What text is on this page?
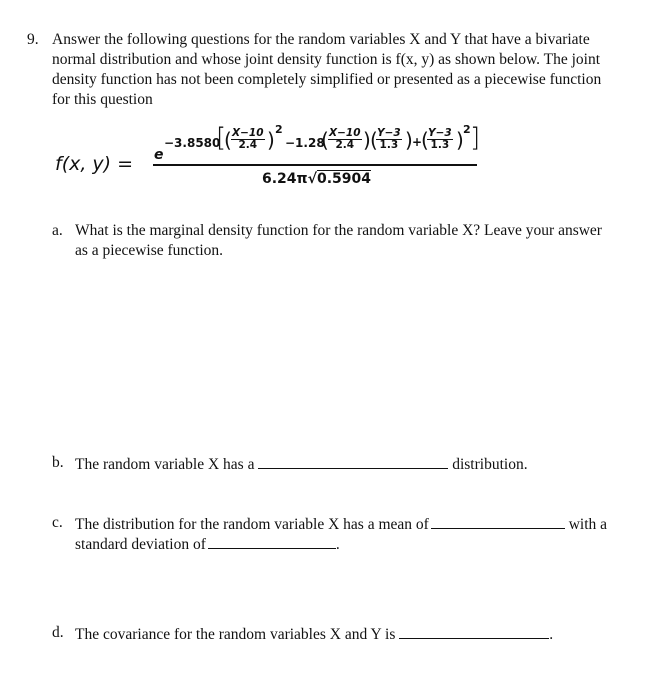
9. Answer the following questions for the random variables X and Y that have a bivariate
normal distribution and whose joint density function is f(x, y) as shown below. The joint
density function has not been completely simplified or presented as a piecewise function
for this question
f(x, y) = e
−3.8580
[
( $\frac{X-10}{2.4}$ ) 2
−1.28
( $\frac{X-10}{2.4}$ ) (
$\frac{Y-3}{1.3}$ ) +
(
$\frac{Y-3}{1.3}$ ) 2 ]
6.24π√0.5904
a. What is the marginal density function for the random variable X? Leave your answer
as a piecewise function.
b. The random variable X has a	distribution.
c. The distribution for the random variable X has a mean of	with a
standard deviation of	.
d. The covariance for the random variables X and Y is	.
